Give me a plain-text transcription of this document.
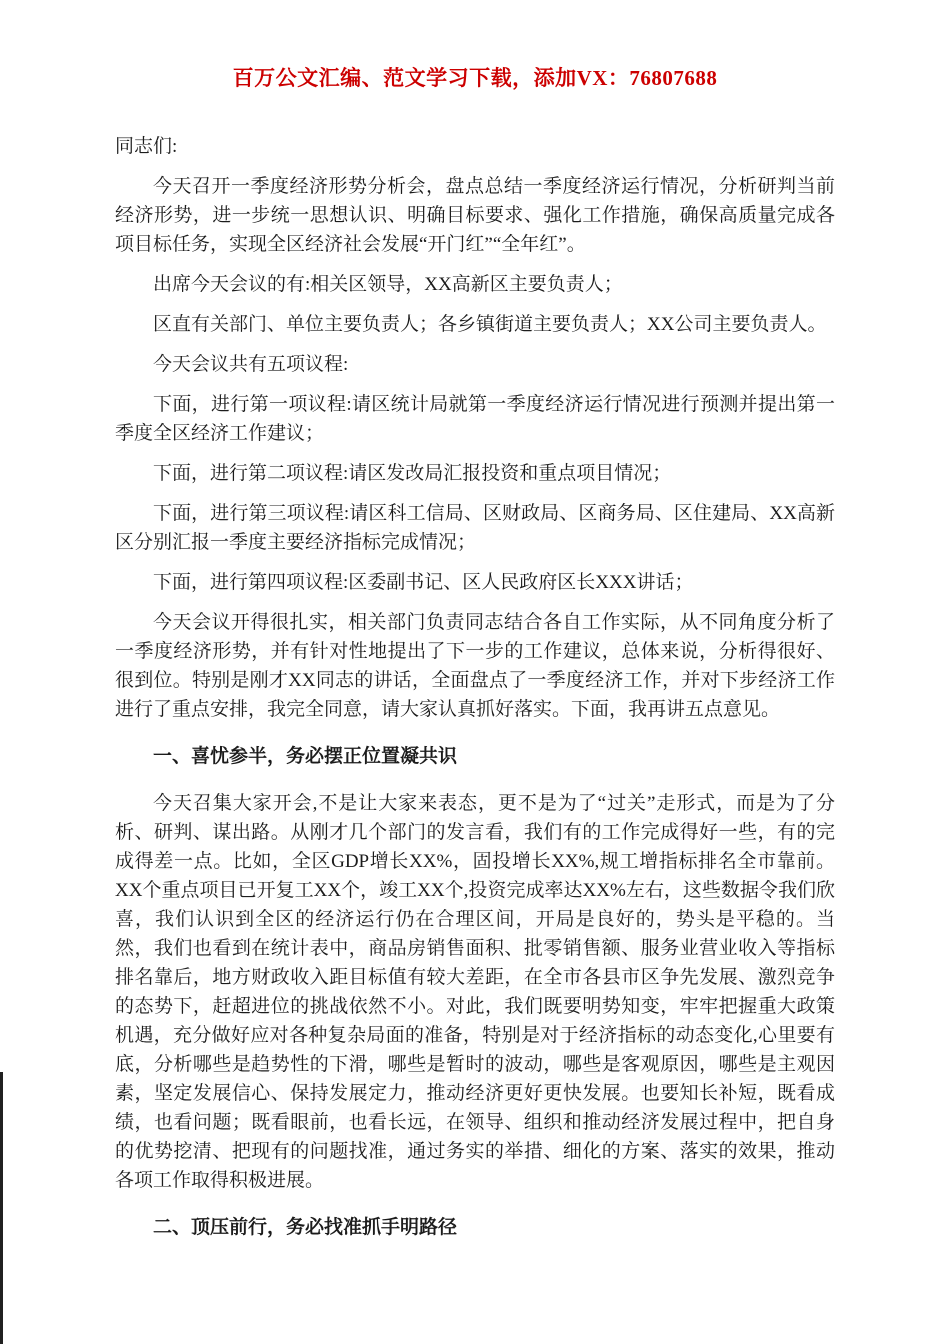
百万公文汇编、范文学习下载，添加VX：76807688

同志们:

今天召开一季度经济形势分析会，盘点总结一季度经济运行情况，分析研判当前经济形势，进一步统一思想认识、明确目标要求、强化工作措施，确保高质量完成各项目标任务，实现全区经济社会发展“开门红”“全年红”。

出席今天会议的有:相关区领导，XX高新区主要负责人；

区直有关部门、单位主要负责人；各乡镇街道主要负责人；XX公司主要负责人。

今天会议共有五项议程:

下面，进行第一项议程:请区统计局就第一季度经济运行情况进行预测并提出第一季度全区经济工作建议；

下面，进行第二项议程:请区发改局汇报投资和重点项目情况；

下面，进行第三项议程:请区科工信局、区财政局、区商务局、区住建局、XX高新区分别汇报一季度主要经济指标完成情况；

下面，进行第四项议程:区委副书记、区人民政府区长XXX讲话；

今天会议开得很扎实，相关部门负责同志结合各自工作实际，从不同角度分析了一季度经济形势，并有针对性地提出了下一步的工作建议，总体来说，分析得很好、很到位。特别是刚才XX同志的讲话，全面盘点了一季度经济工作，并对下步经济工作进行了重点安排，我完全同意，请大家认真抓好落实。下面，我再讲五点意见。

一、喜忧参半，务必摆正位置凝共识

今天召集大家开会,不是让大家来表态，更不是为了“过关”走形式，而是为了分析、研判、谋出路。从刚才几个部门的发言看，我们有的工作完成得好一些，有的完成得差一点。比如，全区GDP增长XX%，固投增长XX%,规工增指标排名全市靠前。XX个重点项目已开复工XX个，竣工XX个,投资完成率达XX%左右，这些数据令我们欣喜，我们认识到全区的经济运行仍在合理区间，开局是良好的，势头是平稳的。当然，我们也看到在统计表中，商品房销售面积、批零销售额、服务业营业收入等指标排名靠后，地方财政收入距目标值有较大差距，在全市各县市区争先发展、激烈竞争的态势下，赶超进位的挑战依然不小。对此，我们既要明势知变，牢牢把握重大政策机遇，充分做好应对各种复杂局面的准备，特别是对于经济指标的动态变化,心里要有底，分析哪些是趋势性的下滑，哪些是暂时的波动，哪些是客观原因，哪些是主观因素，坚定发展信心、保持发展定力，推动经济更好更快发展。也要知长补短，既看成绩，也看问题；既看眼前，也看长远，在领导、组织和推动经济发展过程中，把自身的优势挖清、把现有的问题找准，通过务实的举措、细化的方案、落实的效果，推动各项工作取得积极进展。

二、顶压前行，务必找准抓手明路径
